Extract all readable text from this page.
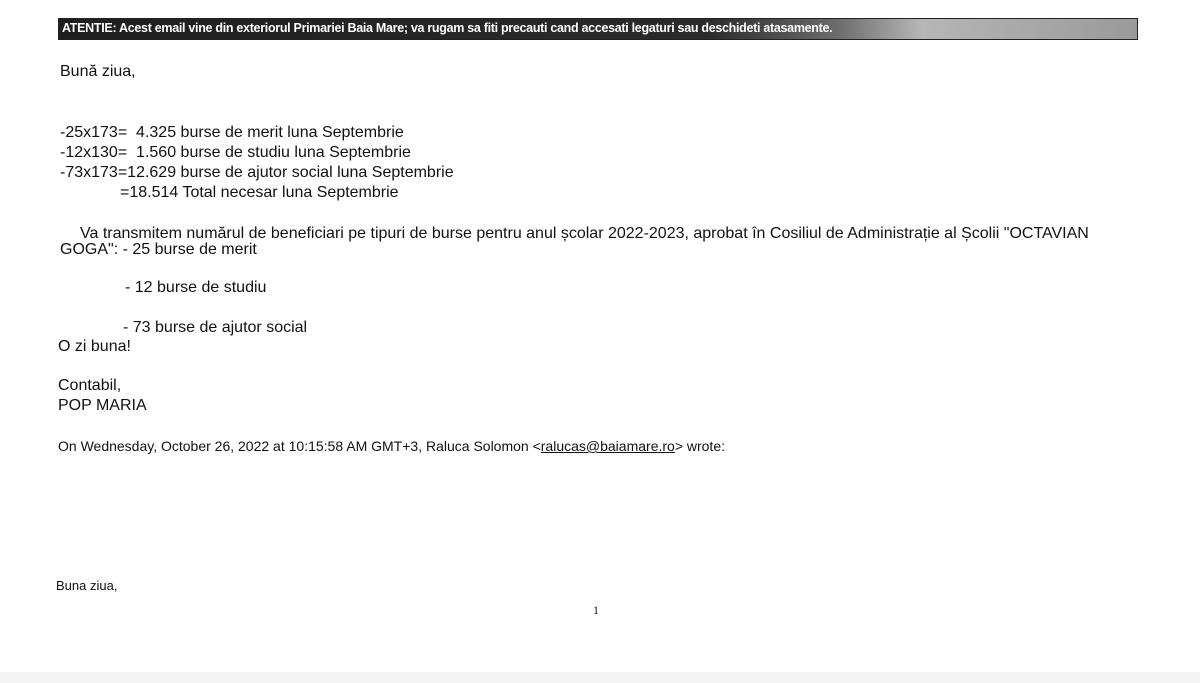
ATENTIE: Acest email vine din exteriorul Primariei Baia Mare; va rugam sa fiti precauti cand accesati legaturi sau deschideti atasamente.
Bună ziua,
-25x173=  4.325 burse de merit luna Septembrie
-12x130=  1.560 burse de studiu luna Septembrie
-73x173=12.629 burse de ajutor social luna Septembrie
=18.514 Total necesar luna Septembrie
Va transmitem numărul de beneficiari pe tipuri de burse pentru anul școlar 2022-2023, aprobat în Cosiliul de Administrație al Școlii "OCTAVIAN
GOGA": - 25 burse de merit
- 12 burse de studiu
- 73 burse de ajutor social
O zi buna!
Contabil,
POP MARIA
On Wednesday, October 26, 2022 at 10:15:58 AM GMT+3, Raluca Solomon <ralucas@baiamare.ro> wrote:
Buna ziua,
1
